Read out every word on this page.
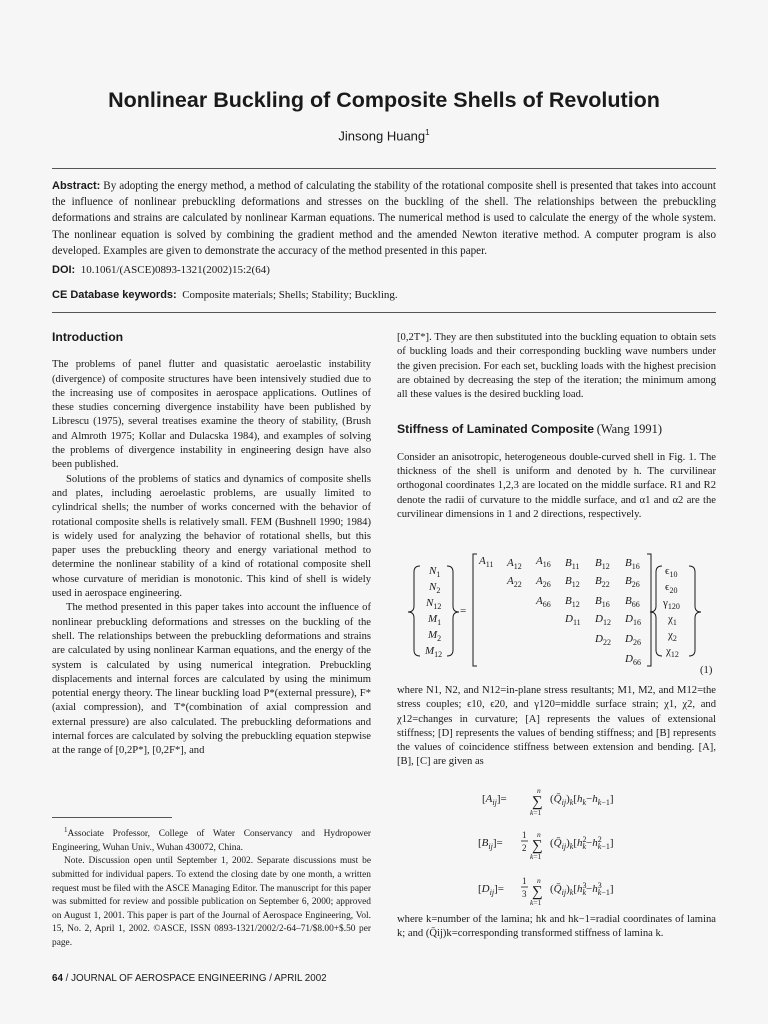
Nonlinear Buckling of Composite Shells of Revolution
Jinsong Huang$^1$
Abstract: By adopting the energy method, a method of calculating the stability of the rotational composite shell is presented that takes into account the influence of nonlinear prebuckling deformations and stresses on the buckling of the shell. The relationships between the prebuckling deformations and strains are calculated by nonlinear Karman equations. The numerical method is used to calculate the energy of the whole system. The nonlinear equation is solved by combining the gradient method and the amended Newton iterative method. A computer program is also developed. Examples are given to demonstrate the accuracy of the method presented in this paper.
DOI: 10.1061/(ASCE)0893-1321(2002)15:2(64)
CE Database keywords: Composite materials; Shells; Stability; Buckling.
Introduction

The problems of panel flutter and quasistatic aeroelastic instability (divergence) of composite structures have been intensively studied due to the increasing use of composites in aerospace applications. Outlines of these studies concerning divergence instability have been published by Librescu (1975), several treatises examine the theory of stability, (Brush and Almroth 1975; Kollar and Dulacska 1984), and examples of solving the problems of divergence instability in engineering design have also been published.

Solutions of the problems of statics and dynamics of composite shells and plates, including aeroelastic problems, are usually limited to cylindrical shells; the number of works concerned with the behavior of rotational composite shells is relatively small. FEM (Bushnell 1990; 1984) is widely used for analyzing the behavior of rotational shells, but this paper uses the prebuckling theory and energy variational method to determine the nonlinear stability of a kind of rotational composite shell whose curvature of meridian is monotonic. This kind of shell is widely used in aerospace engineering.

The method presented in this paper takes into account the influence of nonlinear prebuckling deformations and stresses on the buckling of the shell. The relationships between the prebuckling deformations and strains are calculated by using nonlinear Karman equations, and the energy of the system is calculated by using numerical integration. Prebuckling displacements and internal forces are calculated by using the minimum potential energy theory. The linear buckling load P*(external pressure), F*(axial compression), and T*(combination of axial compression and external pressure) are also calculated. The prebuckling deformations and internal forces are calculated by solving the prebuckling equation stepwise at the range of [0,2P*], [0,2F*], and

$^1$Associate Professor, College of Water Conservancy and Hydropower Engineering, Wuhan Univ., Wuhan 430072, China.

Note. Discussion open until September 1, 2002. Separate discussions must be submitted for individual papers. To extend the closing date by one month, a written request must be filed with the ASCE Managing Editor. The manuscript for this paper was submitted for review and possible publication on September 6, 2000; approved on August 1, 2001. This paper is part of the Journal of Aerospace Engineering, Vol. 15, No. 2, April 1, 2002. ©ASCE, ISSN 0893-1321/2002/2-64–71/$8.00+$.50 per page.

[0,2T*]. They are then substituted into the buckling equation to obtain sets of buckling loads and their corresponding buckling wave numbers under the given precision. For each set, buckling loads with the highest precision are obtained by decreasing the step of the iteration; the minimum among all these values is the desired buckling load.

Stiffness of Laminated Composite (Wang 1991)

Consider an anisotropic, heterogeneous double-curved shell in Fig. 1. The thickness of the shell is uniform and denoted by h. The curvilinear orthogonal coordinates 1,2,3 are located on the middle surface. R1 and R2 denote the radii of curvature to the middle surface, and α1 and α2 are the curvilinear dimensions in 1 and 2 directions, respectively.

$N_1$
$N_2$
$N_{12}$
$M_1$
$M_2$
$M_{12}$
=
$A_{11}$ $A_{12}$ $A_{16}$ $B_{11}$ $B_{12}$ $B_{16}$
$A_{22}$ $A_{26}$ $B_{12}$ $B_{22}$ $B_{26}$
$A_{66}$ $B_{12}$ $B_{16}$ $B_{66}$
$D_{11}$ $D_{12}$ $D_{16}$
$D_{22}$ $D_{26}$
$D_{66}$
$\epsilon_{10}$
$\epsilon_{20}$
$\gamma_{120}$
$\chi_1$
$\chi_2$
$\chi_{12}$
(1)

where N1, N2, and N12=in-plane stress resultants; M1, M2, and M12=the stress couples; ϵ10, ϵ20, and γ120=middle surface strain; χ1, χ2, and χ12=changes in curvature; [A] represents the values of extensional stiffness; [D] represents the values of bending stiffness; and [B] represents the values of coincidence stiffness between extension and bending. [A], [B], [C] are given as

$[A_{ij}]=$
n
∑
k=1
$(Q̄_{ij})_k[h_k-h_{k-1}]$
$[B_{ij}]=$
1
2
n
∑
k=1
$(Q̄_{ij})_k[h^2$ $k-h^2$ k−1]
$[D_{ij}]=$
1
3
n
∑
k=1
$(Q̄_{ij})_k[h^3$ $k-h^3$ k−1]

where k=number of the lamina; hk and hk−1=radial coordinates of lamina k; and (Q̄ij)k=corresponding transformed stiffness of lamina k.

64 / JOURNAL OF AEROSPACE ENGINEERING / APRIL 2002
